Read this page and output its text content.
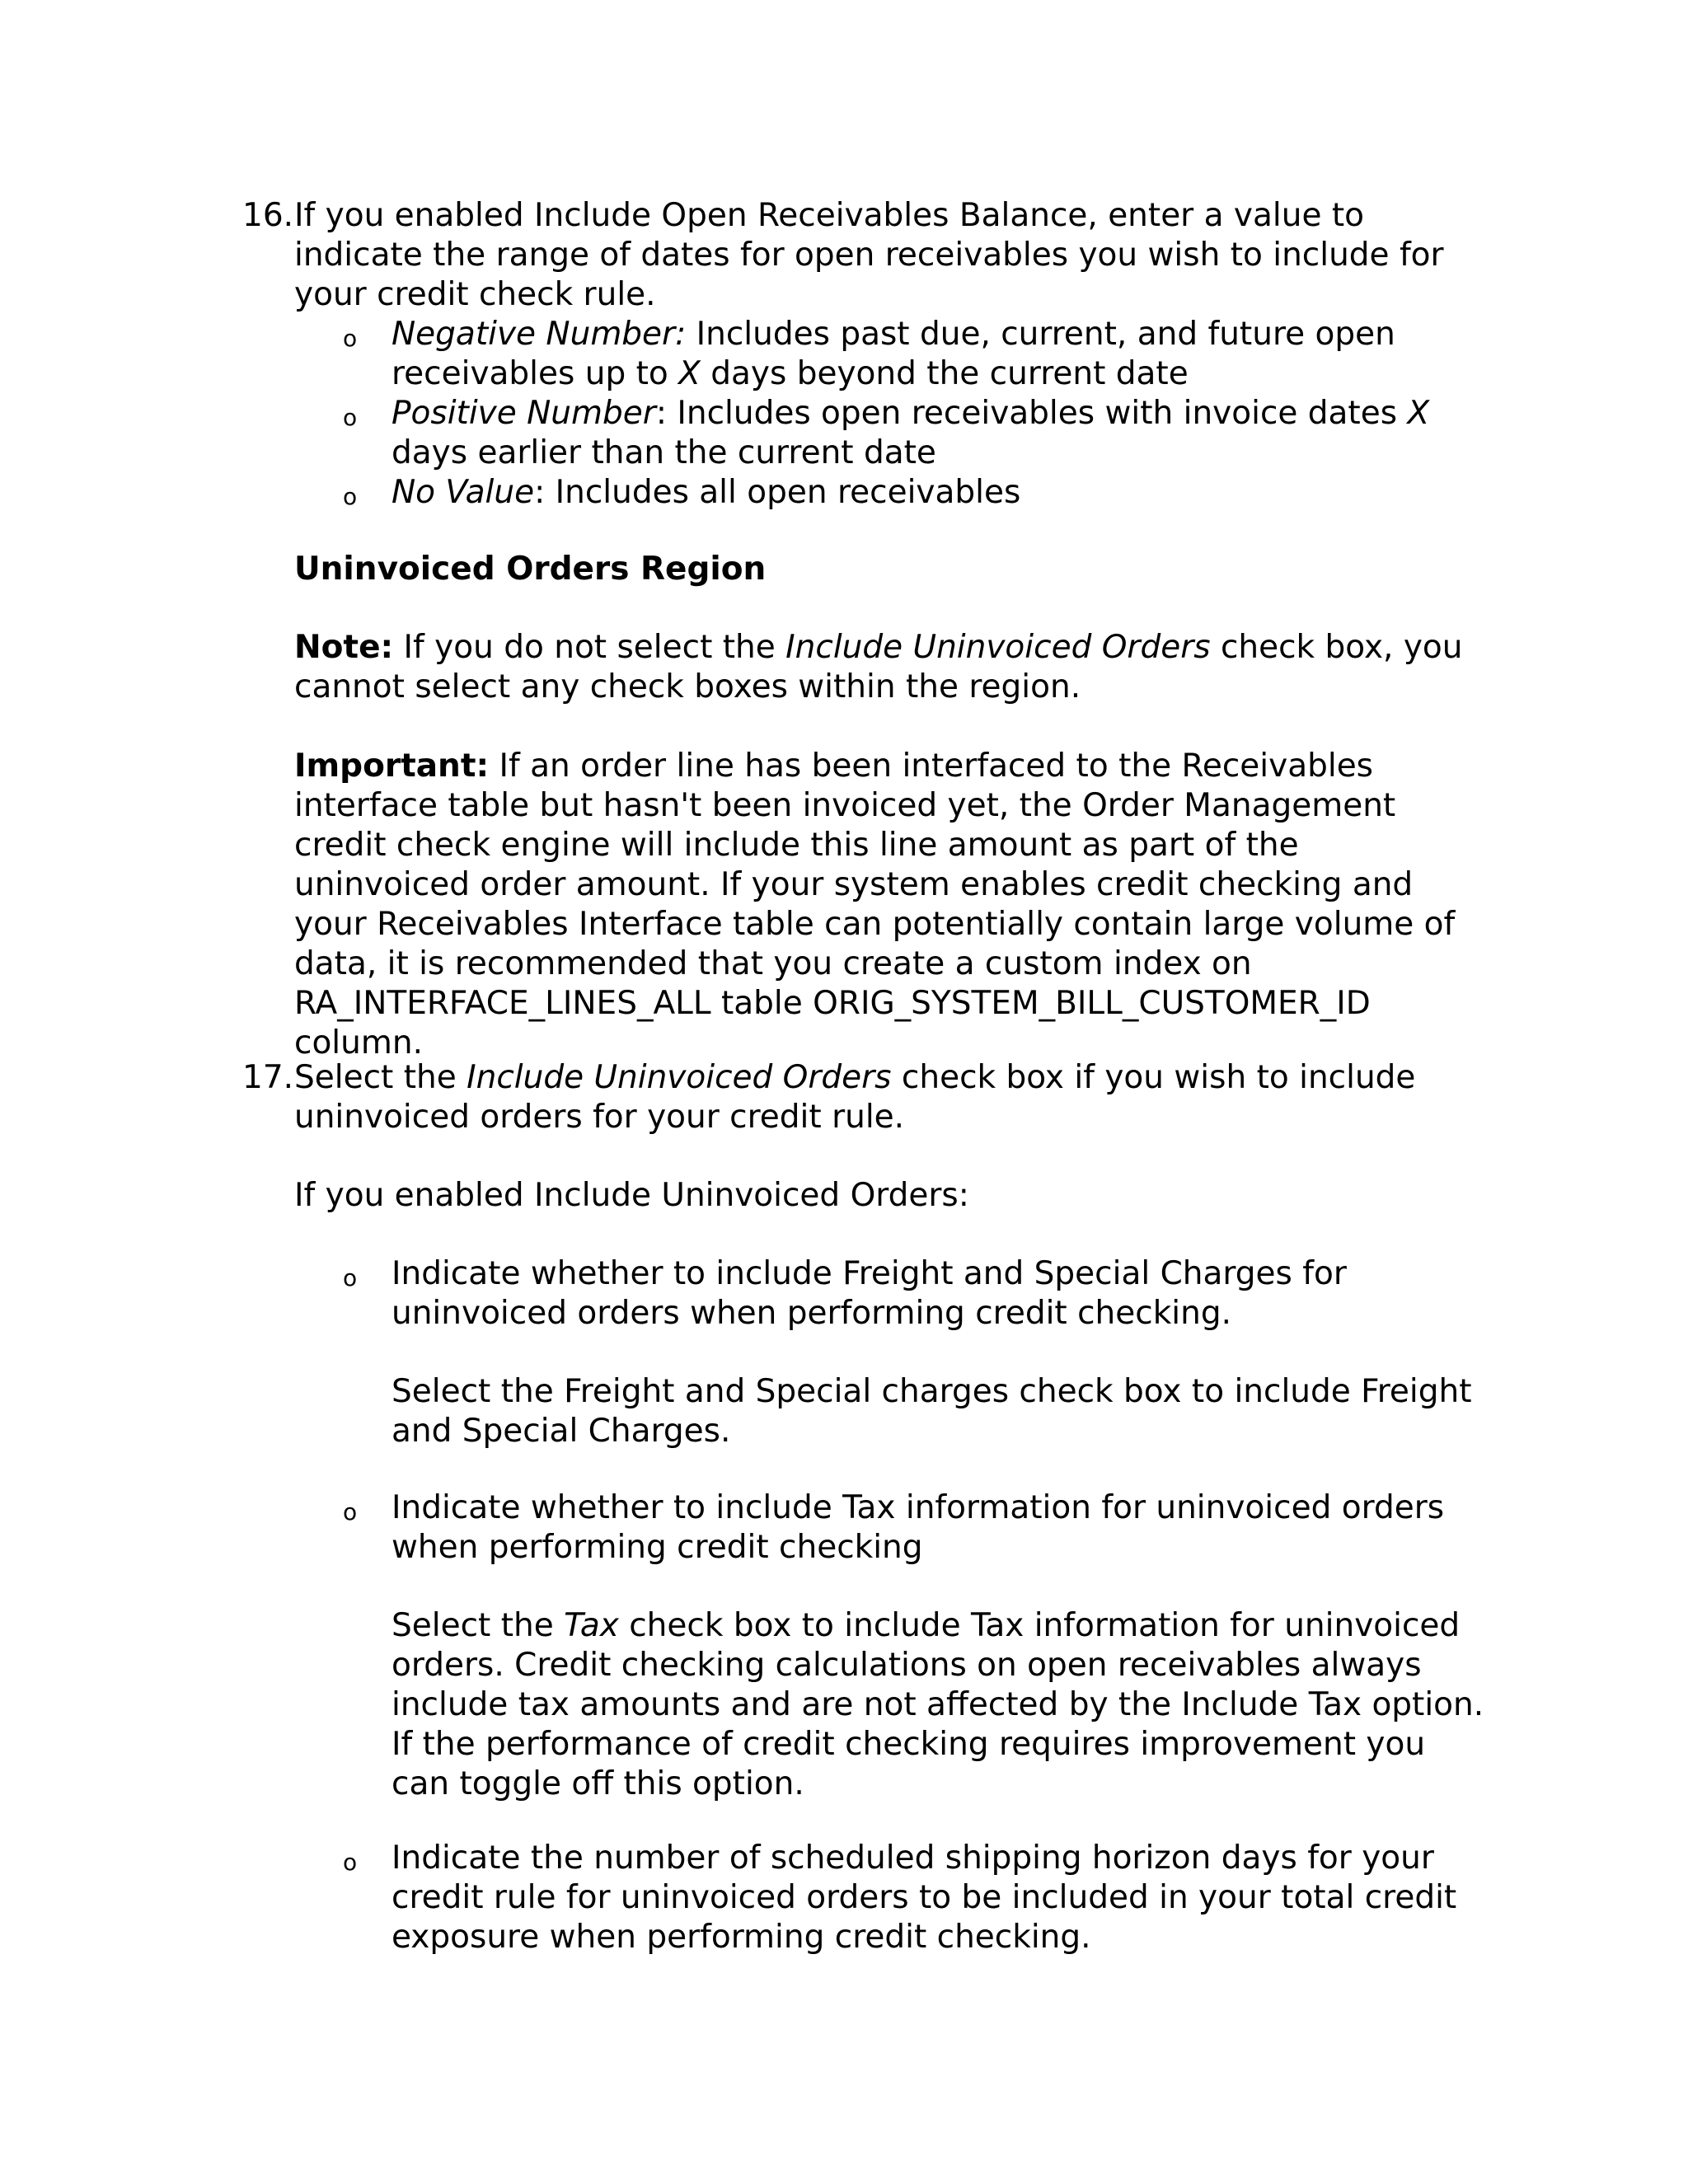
16. If you enabled Include Open Receivables Balance, enter a value to indicate the range of dates for open receivables you wish to include for your credit check rule.

o	Negative Number: Includes past due, current, and future open receivables up to X days beyond the current date

o	Positive Number: Includes open receivables with invoice dates X days earlier than the current date

o	No Value: Includes all open receivables

Uninvoiced Orders Region

Note: If you do not select the Include Uninvoiced Orders check box, you cannot select any check boxes within the region.

Important: If an order line has been interfaced to the Receivables interface table but hasn't been invoiced yet, the Order Management credit check engine will include this line amount as part of the uninvoiced order amount. If your system enables credit checking and your Receivables Interface table can potentially contain large volume of data, it is recommended that you create a custom index on RA_INTERFACE_LINES_ALL table ORIG_SYSTEM_BILL_CUSTOMER_ID column.

17. Select the Include Uninvoiced Orders check box if you wish to include uninvoiced orders for your credit rule.

If you enabled Include Uninvoiced Orders:

o	Indicate whether to include Freight and Special Charges for uninvoiced orders when performing credit checking.

Select the Freight and Special charges check box to include Freight and Special Charges.

o	Indicate whether to include Tax information for uninvoiced orders when performing credit checking

Select the Tax check box to include Tax information for uninvoiced orders. Credit checking calculations on open receivables always include tax amounts and are not affected by the Include Tax option. If the performance of credit checking requires improvement you can toggle off this option.

o	Indicate the number of scheduled shipping horizon days for your credit rule for uninvoiced orders to be included in your total credit exposure when performing credit checking.
